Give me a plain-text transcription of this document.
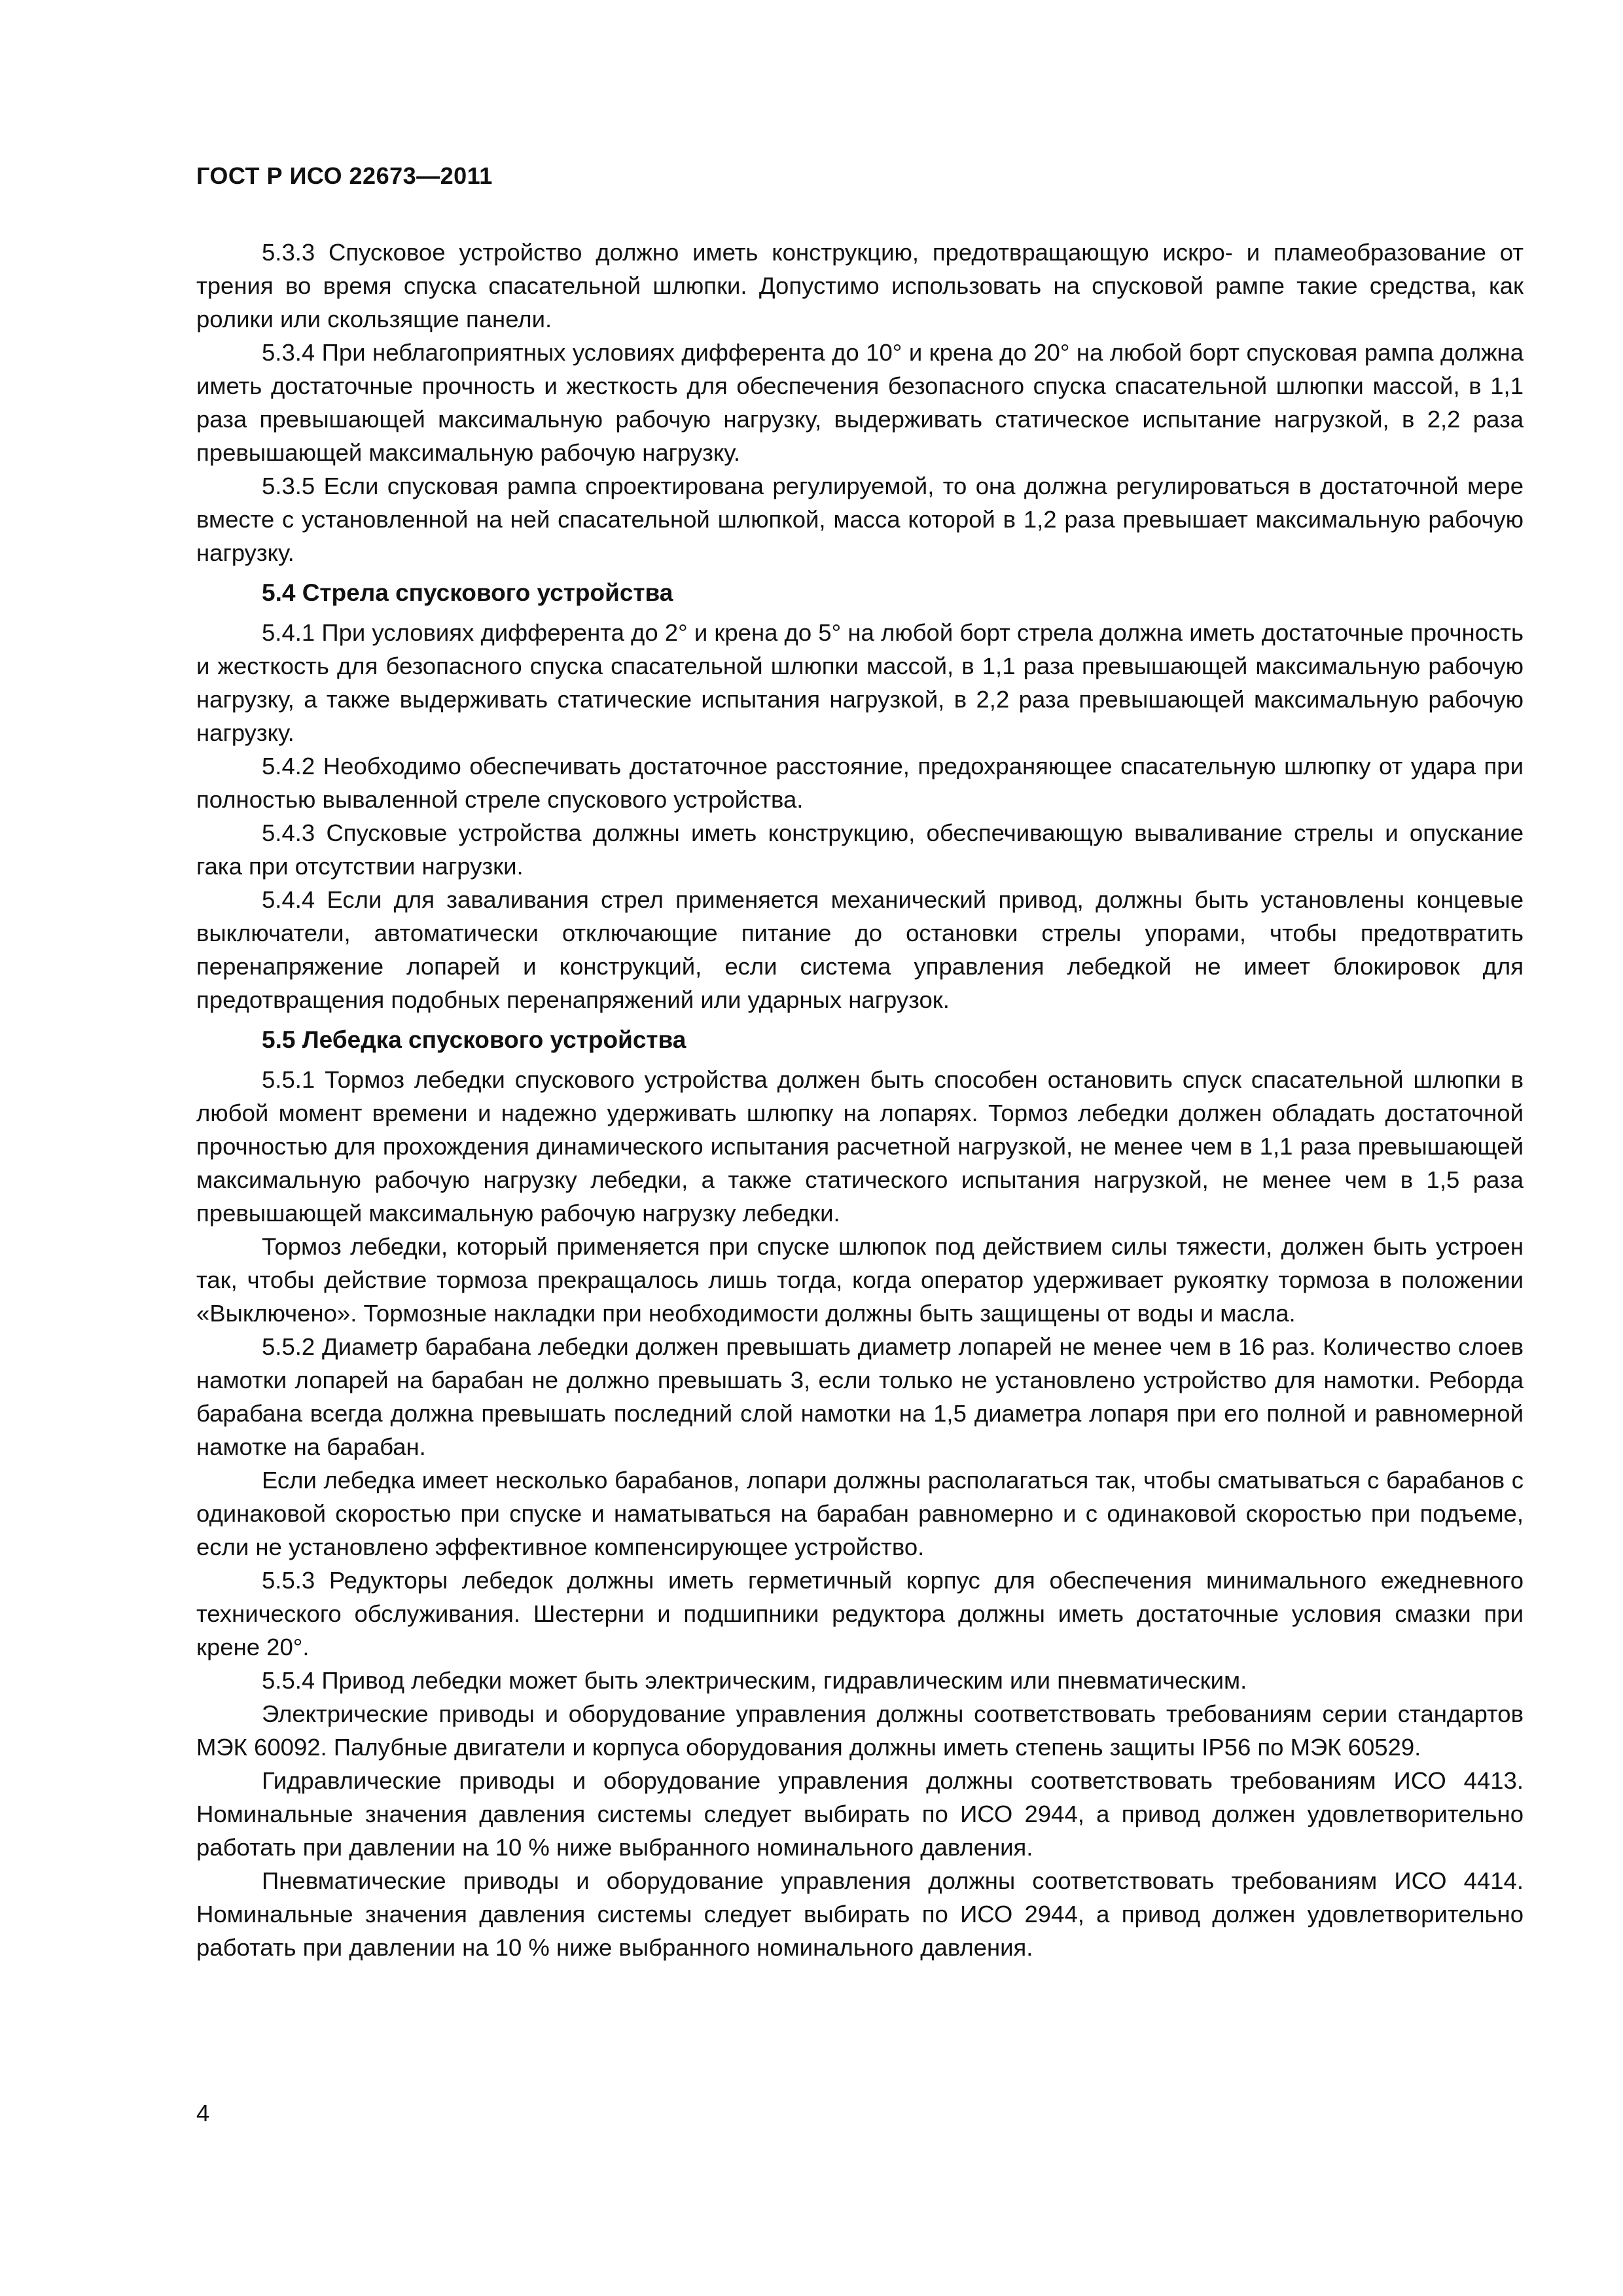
ГОСТ Р ИСО 22673—2011

5.3.3 Спусковое устройство должно иметь конструкцию, предотвращающую искро- и пламеобразование от трения во время спуска спасательной шлюпки. Допустимо использовать на спусковой рампе такие средства, как ролики или скользящие панели.

5.3.4 При неблагоприятных условиях дифферента до 10° и крена до 20° на любой борт спусковая рампа должна иметь достаточные прочность и жесткость для обеспечения безопасного спуска спасательной шлюпки массой, в 1,1 раза превышающей максимальную рабочую нагрузку, выдерживать статическое испытание нагрузкой, в 2,2 раза превышающей максимальную рабочую нагрузку.

5.3.5 Если спусковая рампа спроектирована регулируемой, то она должна регулироваться в достаточной мере вместе с установленной на ней спасательной шлюпкой, масса которой в 1,2 раза превышает максимальную рабочую нагрузку.

5.4 Стрела спускового устройства

5.4.1 При условиях дифферента до 2° и крена до 5° на любой борт стрела должна иметь достаточные прочность и жесткость для безопасного спуска спасательной шлюпки массой, в 1,1 раза превышающей максимальную рабочую нагрузку, а также выдерживать статические испытания нагрузкой, в 2,2 раза превышающей максимальную рабочую нагрузку.

5.4.2 Необходимо обеспечивать достаточное расстояние, предохраняющее спасательную шлюпку от удара при полностью вываленной стреле спускового устройства.

5.4.3 Спусковые устройства должны иметь конструкцию, обеспечивающую вываливание стрелы и опускание гака при отсутствии нагрузки.

5.4.4 Если для заваливания стрел применяется механический привод, должны быть установлены концевые выключатели, автоматически отключающие питание до остановки стрелы упорами, чтобы предотвратить перенапряжение лопарей и конструкций, если система управления лебедкой не имеет блокировок для предотвращения подобных перенапряжений или ударных нагрузок.

5.5 Лебедка спускового устройства

5.5.1 Тормоз лебедки спускового устройства должен быть способен остановить спуск спасательной шлюпки в любой момент времени и надежно удерживать шлюпку на лопарях. Тормоз лебедки должен обладать достаточной прочностью для прохождения динамического испытания расчетной нагрузкой, не менее чем в 1,1 раза превышающей максимальную рабочую нагрузку лебедки, а также статического испытания нагрузкой, не менее чем в 1,5 раза превышающей максимальную рабочую нагрузку лебедки.

Тормоз лебедки, который применяется при спуске шлюпок под действием силы тяжести, должен быть устроен так, чтобы действие тормоза прекращалось лишь тогда, когда оператор удерживает рукоятку тормоза в положении «Выключено». Тормозные накладки при необходимости должны быть защищены от воды и масла.

5.5.2 Диаметр барабана лебедки должен превышать диаметр лопарей не менее чем в 16 раз. Количество слоев намотки лопарей на барабан не должно превышать 3, если только не установлено устройство для намотки. Реборда барабана всегда должна превышать последний слой намотки на 1,5 диаметра лопаря при его полной и равномерной намотке на барабан.

Если лебедка имеет несколько барабанов, лопари должны располагаться так, чтобы сматываться с барабанов с одинаковой скоростью при спуске и наматываться на барабан равномерно и с одинаковой скоростью при подъеме, если не установлено эффективное компенсирующее устройство.

5.5.3 Редукторы лебедок должны иметь герметичный корпус для обеспечения минимального ежедневного технического обслуживания. Шестерни и подшипники редуктора должны иметь достаточные условия смазки при крене 20°.

5.5.4 Привод лебедки может быть электрическим, гидравлическим или пневматическим.

Электрические приводы и оборудование управления должны соответствовать требованиям серии стандартов МЭК 60092. Палубные двигатели и корпуса оборудования должны иметь степень защиты IP56 по МЭК 60529.

Гидравлические приводы и оборудование управления должны соответствовать требованиям ИСО 4413. Номинальные значения давления системы следует выбирать по ИСО 2944, а привод должен удовлетворительно работать при давлении на 10 % ниже выбранного номинального давления.

Пневматические приводы и оборудование управления должны соответствовать требованиям ИСО 4414. Номинальные значения давления системы следует выбирать по ИСО 2944, а привод должен удовлетворительно работать при давлении на 10 % ниже выбранного номинального давления.

4
